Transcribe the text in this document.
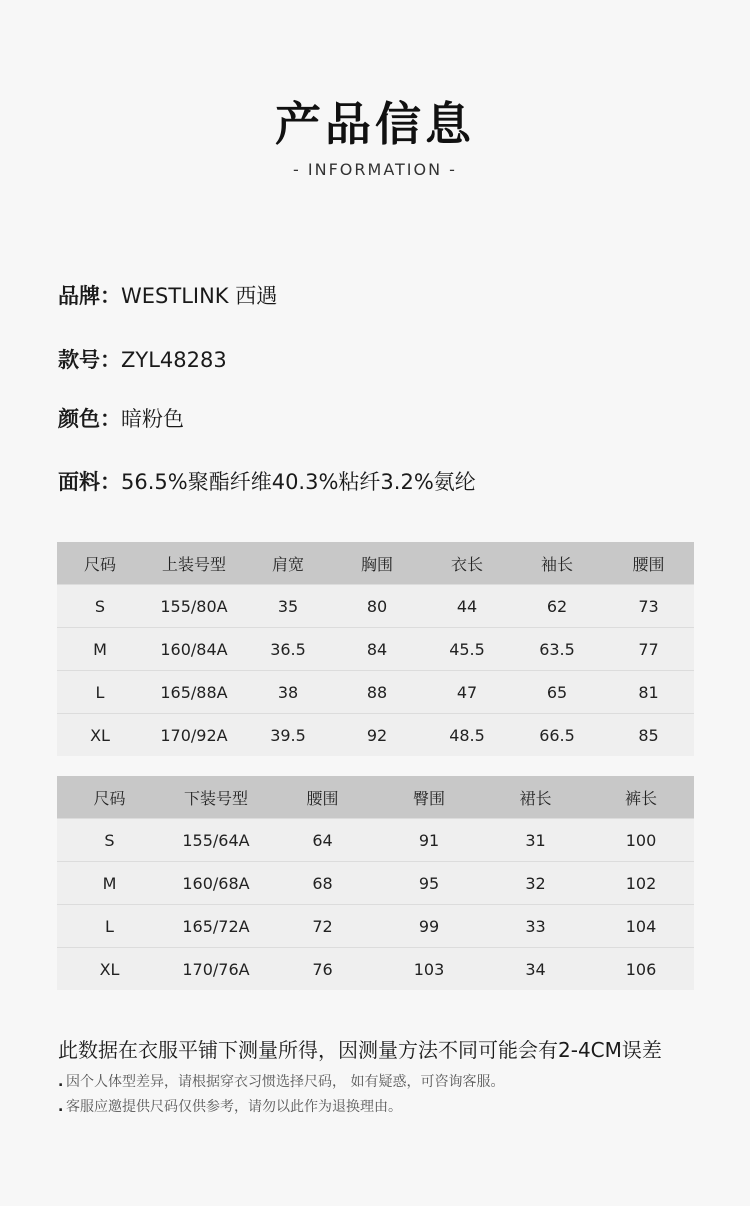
产品信息
- INFORMATION -
品牌：WESTLINK 西遇
款号：ZYL48283
颜色：暗粉色
面料：56.5%聚酯纤维40.3%粘纤3.2%氨纶
尺码	上装号型	肩宽	胸围	衣长	袖长	腰围
S	155/80A	35	80	44	62	73
M	160/84A	36.5	84	45.5	63.5	77
L	165/88A	38	88	47	65	81
XL	170/92A	39.5	92	48.5	66.5	85
尺码	下装号型	腰围	臀围	裙长	裤长
S	155/64A	64	91	31	100
M	160/68A	68	95	32	102
L	165/72A	72	99	33	104
XL	170/76A	76	103	34	106
此数据在衣服平铺下测量所得，因测量方法不同可能会有2-4CM误差
. 因个人体型差异，请根据穿衣习惯选择尺码， 如有疑惑，可咨询客服。
. 客服应邀提供尺码仅供参考，请勿以此作为退换理由。
